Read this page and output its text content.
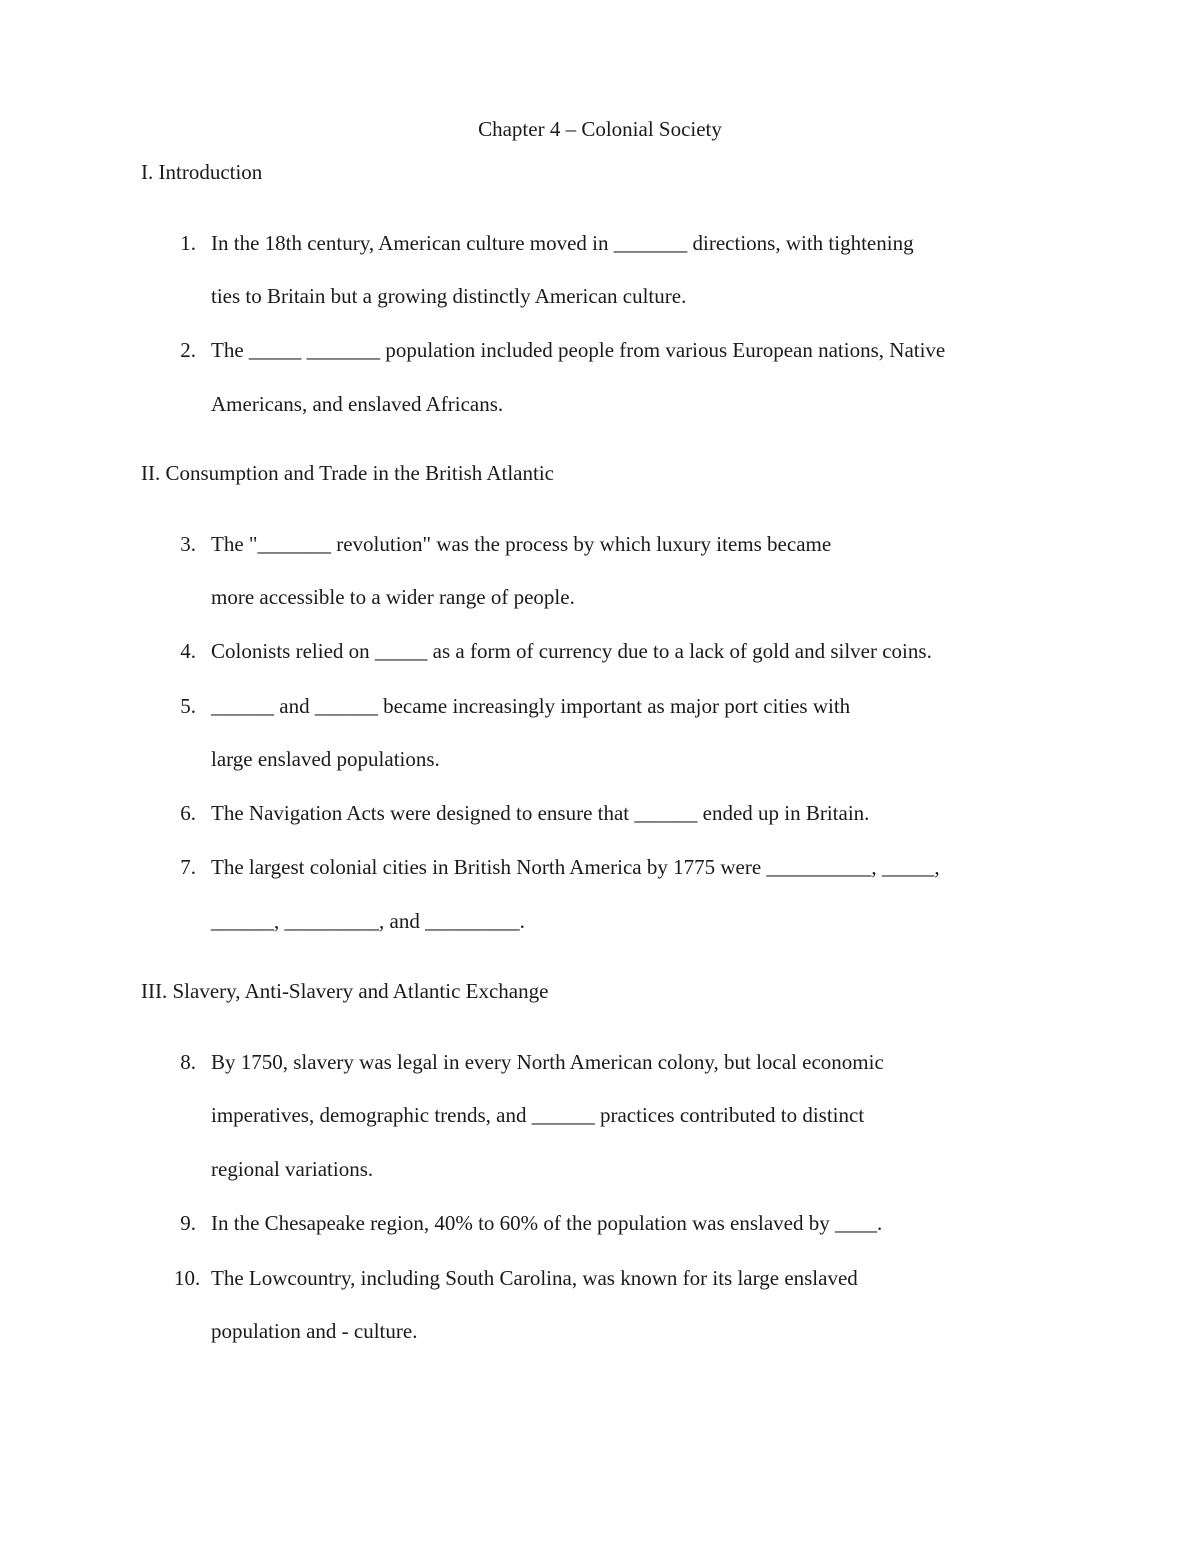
Chapter 4 – Colonial Society
I. Introduction
1. In the 18th century, American culture moved in _______ directions, with tightening
ties to Britain but a growing distinctly American culture.
2. The _____ _______ population included people from various European nations, Native
Americans, and enslaved Africans.
II. Consumption and Trade in the British Atlantic
3. The "_______ revolution" was the process by which luxury items became
more accessible to a wider range of people.
4. Colonists relied on _____ as a form of currency due to a lack of gold and silver coins.
5. ______ and ______ became increasingly important as major port cities with
large enslaved populations.
6. The Navigation Acts were designed to ensure that ______ ended up in Britain.
7. The largest colonial cities in British North America by 1775 were __________, _____,
______, _________, and _________.
III. Slavery, Anti-Slavery and Atlantic Exchange
8. By 1750, slavery was legal in every North American colony, but local economic
imperatives, demographic trends, and ______ practices contributed to distinct
regional variations.
9. In the Chesapeake region, 40% to 60% of the population was enslaved by ____.
10. The Lowcountry, including South Carolina, was known for its large enslaved
population and - culture.
